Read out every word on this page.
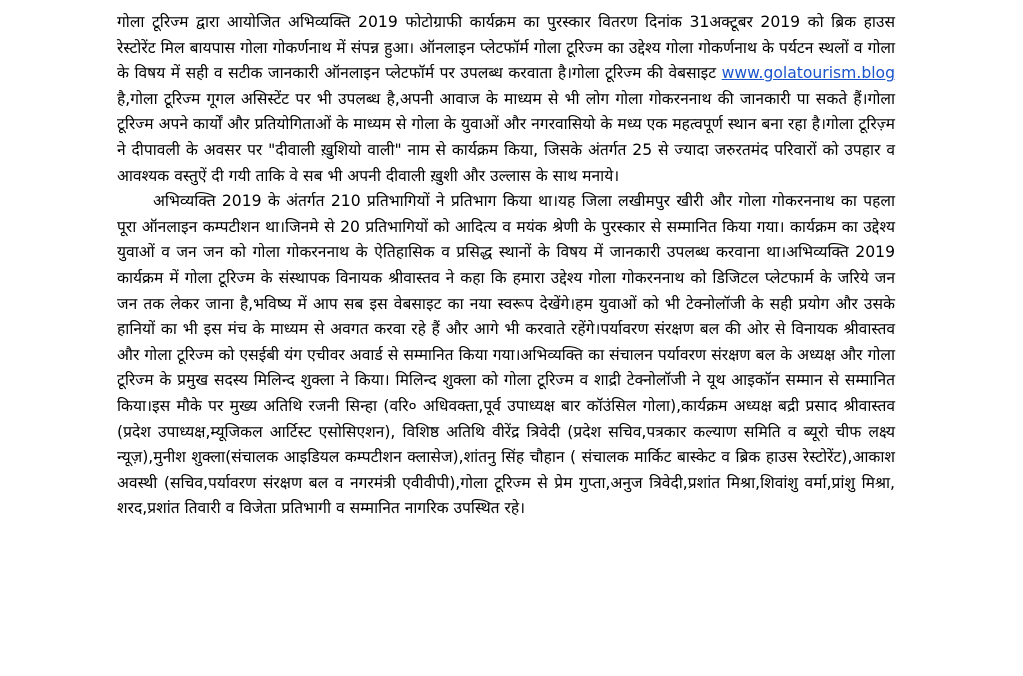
गोला टूरिज्म द्वारा आयोजित अभिव्यक्ति 2019 फोटोग्राफी कार्यक्रम का पुरस्कार वितरण दिनांक 31अक्टूबर 2019 को ब्रिक हाउस रेस्टोरेंट मिल बायपास गोला गोकर्णनाथ में संपन्न हुआ। ऑनलाइन प्लेटफॉर्म गोला टूरिज्म का उद्देश्य गोला गोकर्णनाथ के पर्यटन स्थलों व गोला के विषय में सही व सटीक जानकारी ऑनलाइन प्लेटफॉर्म पर उपलब्ध करवाता है।गोला टूरिज्म की वेबसाइट www.golatourism.blog है,गोला टूरिज्म गूगल असिस्टेंट पर भी उपलब्ध है,अपनी आवाज के माध्यम से भी लोग गोला गोकरननाथ की जानकारी पा सकते हैं।गोला टूरिज्म अपने कार्यों और प्रतियोगिताओं के माध्यम से गोला के युवाओं और नगरवासियो के मध्य एक महत्वपूर्ण स्थान बना रहा है।गोला टूरिज़्म ने दीपावली के अवसर पर "दीवाली ख़ुशियो वाली" नाम से कार्यक्रम किया, जिसके अंतर्गत 25 से ज्यादा जरुरतमंद परिवारों को उपहार व आवश्यक वस्तुऐं दी गयी ताकि वे सब भी अपनी दीवाली ख़ुशी और उल्लास के साथ मनाये।

अभिव्यक्ति 2019 के अंतर्गत 210 प्रतिभागियों ने प्रतिभाग किया था।यह जिला लखीमपुर खीरी और गोला गोकरननाथ का पहला पूरा ऑनलाइन कम्पटीशन था।जिनमे से 20 प्रतिभागियों को आदित्य व मयंक श्रेणी के पुरस्कार से सम्मानित किया गया। कार्यक्रम का उद्देश्य युवाओं व जन जन को गोला गोकरननाथ के ऐतिहासिक व प्रसिद्ध स्थानों के विषय में जानकारी उपलब्ध करवाना था।अभिव्यक्ति 2019 कार्यक्रम में गोला टूरिज्म के संस्थापक विनायक श्रीवास्तव ने कहा कि हमारा उद्देश्य गोला गोकरननाथ को डिजिटल प्लेटफार्म के जरिये जन जन तक लेकर जाना है,भविष्य में आप सब इस वेबसाइट का नया स्वरूप देखेंगे।हम युवाओं को भी टेक्नोलॉजी के सही प्रयोग और उसके हानियों का भी इस मंच के माध्यम से अवगत करवा रहे हैं और आगे भी करवाते रहेंगे।पर्यावरण संरक्षण बल की ओर से विनायक श्रीवास्तव और गोला टूरिज्म को एसईबी यंग एचीवर अवार्ड से सम्मानित किया गया।अभिव्यक्ति का संचालन पर्यावरण संरक्षण बल के अध्यक्ष और गोला टूरिज्म के प्रमुख सदस्य मिलिन्द शुक्ला ने किया। मिलिन्द शुक्ला को गोला टूरिज्म व शाद्री टेक्नोलॉजी ने यूथ आइकॉन सम्मान से सम्मानित किया।इस मौके पर मुख्य अतिथि रजनी सिन्हा (वरि० अधिवक्ता,पूर्व उपाध्यक्ष बार कॉउंसिल गोला),कार्यक्रम अध्यक्ष बद्री प्रसाद श्रीवास्तव (प्रदेश उपाध्यक्ष,म्यूजिकल आर्टिस्ट एसोसिएशन), विशिष्ठ अतिथि वीरेंद्र त्रिवेदी (प्रदेश सचिव,पत्रकार कल्याण समिति व ब्यूरो चीफ लक्ष्य न्यूज़),मुनीश शुक्ला(संचालक आइडियल कम्पटीशन क्लासेज),शांतनु सिंह चौहान ( संचालक मार्किट बास्केट व ब्रिक हाउस रेस्टोरेंट),आकाश अवस्थी (सचिव,पर्यावरण संरक्षण बल व नगरमंत्री एवीवीपी),गोला टूरिज्म से प्रेम गुप्ता,अनुज त्रिवेदी,प्रशांत मिश्रा,शिवांशु वर्मा,प्रांशु मिश्रा, शरद,प्रशांत तिवारी व विजेता प्रतिभागी व सम्मानित नागरिक उपस्थित रहे।
